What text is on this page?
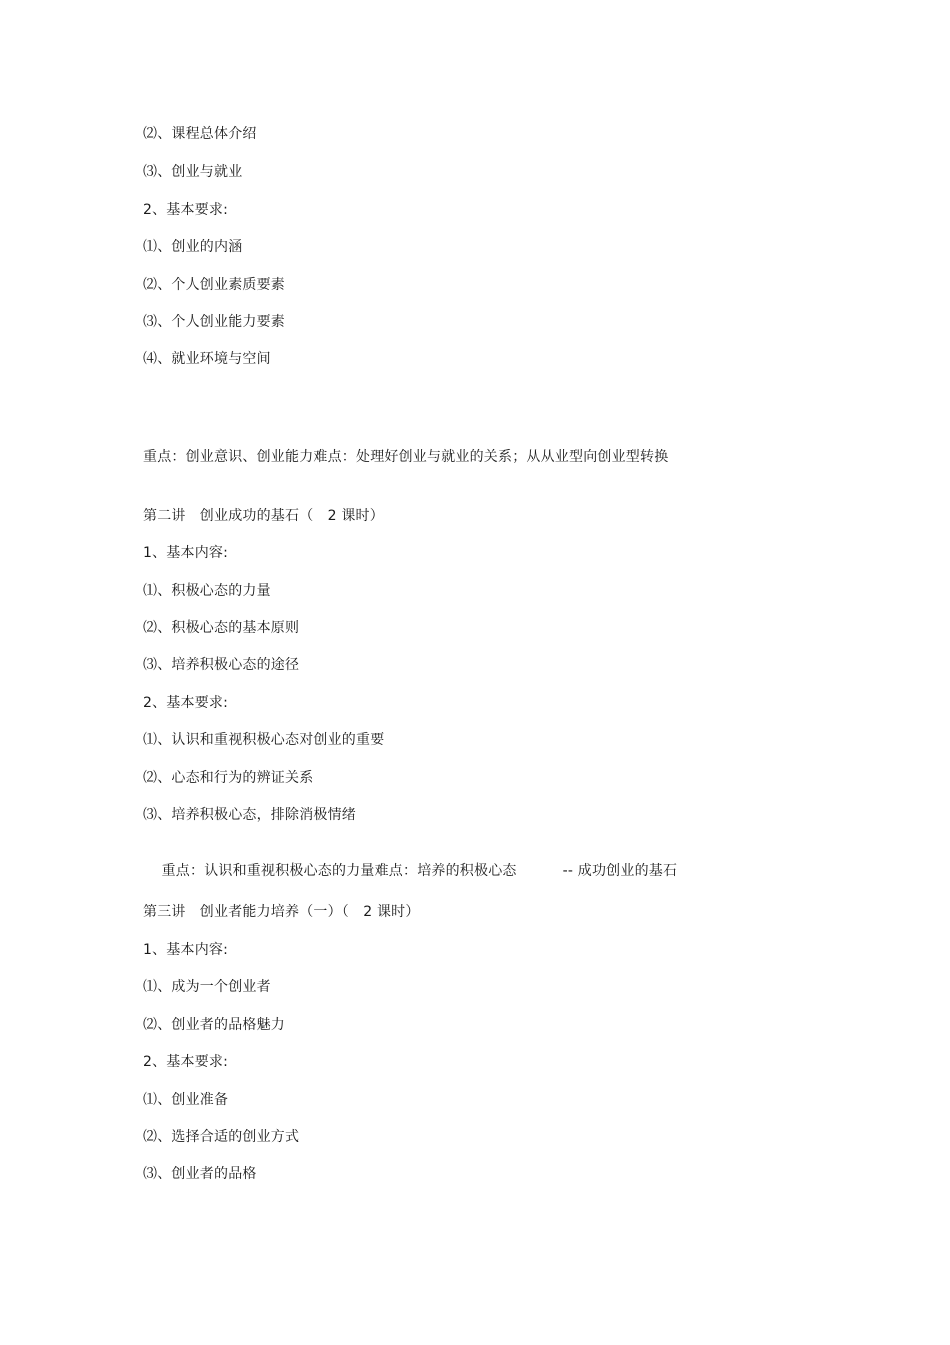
⑵、课程总体介绍
⑶、创业与就业
2、基本要求:
⑴、创业的内涵
⑵、个人创业素质要素
⑶、个人创业能力要素
⑷、就业环境与空间
重点：创业意识、创业能力难点：处理好创业与就业的关系；从从业型向创业型转换
第二讲　创业成功的基石（　2 课时）
1、基本内容:
⑴、积极心态的力量
⑵、积极心态的基本原则
⑶、培养积极心态的途径
2、基本要求:
⑴、认识和重视积极心态对创业的重要
⑵、心态和行为的辨证关系
⑶、培养积极心态，排除消极情绪

重点：认识和重视积极心态的力量难点：培养的积极心态	-- 成功创业的基石

第三讲　创业者能力培养（一）（　2 课时）
1、基本内容:
⑴、成为一个创业者
⑵、创业者的品格魅力
2、基本要求:
⑴、创业准备
⑵、选择合适的创业方式
⑶、创业者的品格
